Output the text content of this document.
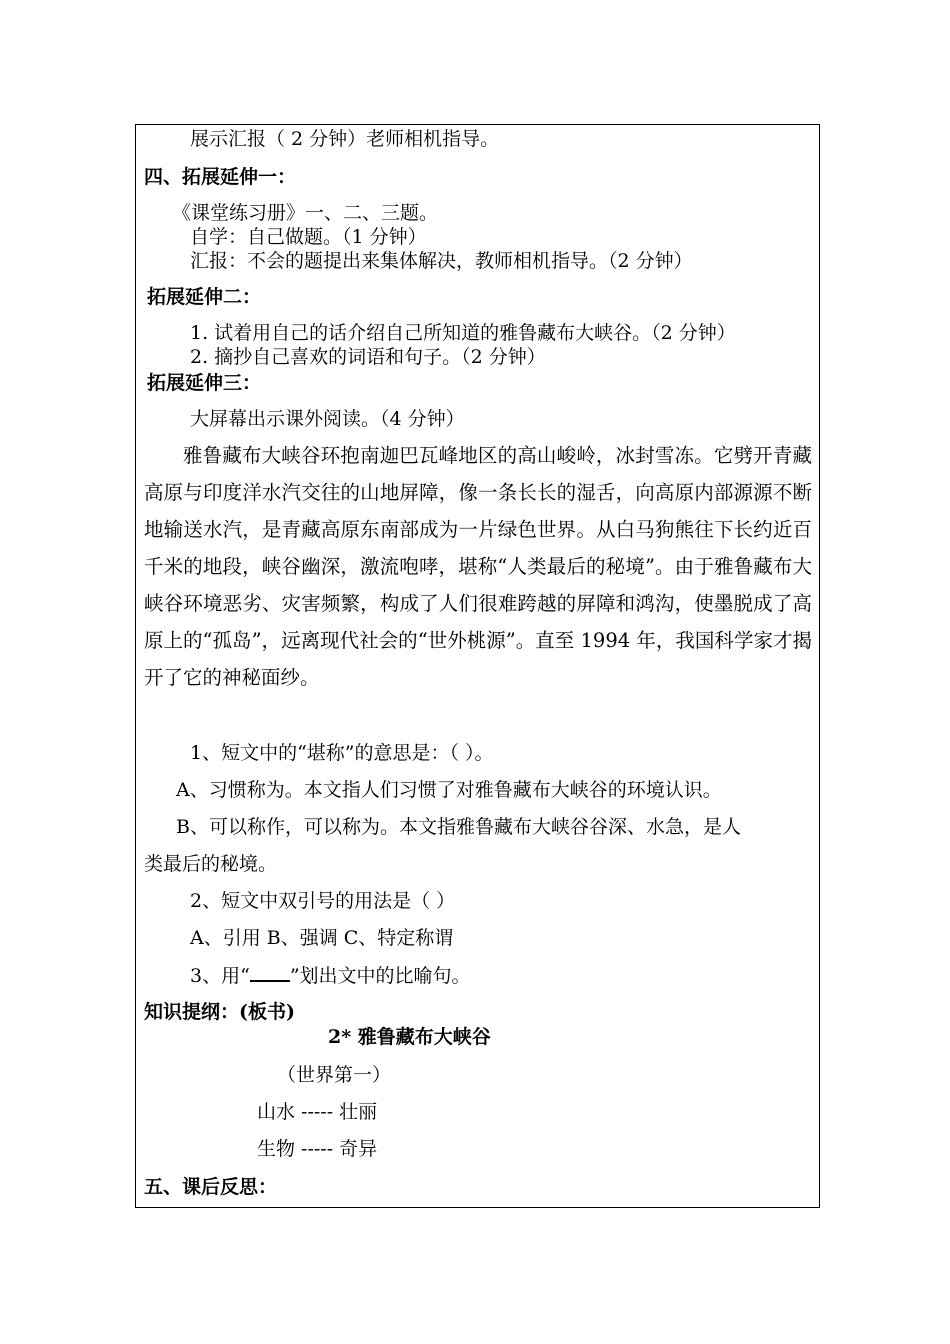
展示汇报（ 2 分钟）老师相机指导。
四、拓展延伸一：
《课堂练习册》一、二、三题。
自学：自己做题。（1 分钟）
汇报：不会的题提出来集体解决，教师相机指导。（2 分钟）
拓展延伸二：
1. 试着用自己的话介绍自己所知道的雅鲁藏布大峡谷。（2 分钟）
2. 摘抄自己喜欢的词语和句子。（2 分钟）
拓展延伸三：
大屏幕出示课外阅读。（4 分钟）
雅鲁藏布大峡谷环抱南迦巴瓦峰地区的高山峻岭，冰封雪冻。它劈开青藏高原与印度洋水汽交往的山地屏障，像一条长长的湿舌，向高原内部源源不断地输送水汽，是青藏高原东南部成为一片绿色世界。从白马狗熊往下长约近百千米的地段，峡谷幽深，激流咆哮，堪称“人类最后的秘境”。由于雅鲁藏布大峡谷环境恶劣、灾害频繁，构成了人们很难跨越的屏障和鸿沟，使墨脱成了高原上的“孤岛”，远离现代社会的“世外桃源”。直至 1994 年，我国科学家才揭开了它的神秘面纱。
1、短文中的“堪称”的意思是：（ ）。
A、习惯称为。本文指人们习惯了对雅鲁藏布大峡谷的环境认识。
B、可以称作，可以称为。本文指雅鲁藏布大峡谷谷深、水急，是人
类最后的秘境。
2、短文中双引号的用法是（ ）
A、引用 B、强调 C、特定称谓
3、用“ ”划出文中的比喻句。
知识提纲：(板书)
2* 雅鲁藏布大峡谷
（世界第一）
山水 ----- 壮丽
生物 ----- 奇异
五、课后反思：
